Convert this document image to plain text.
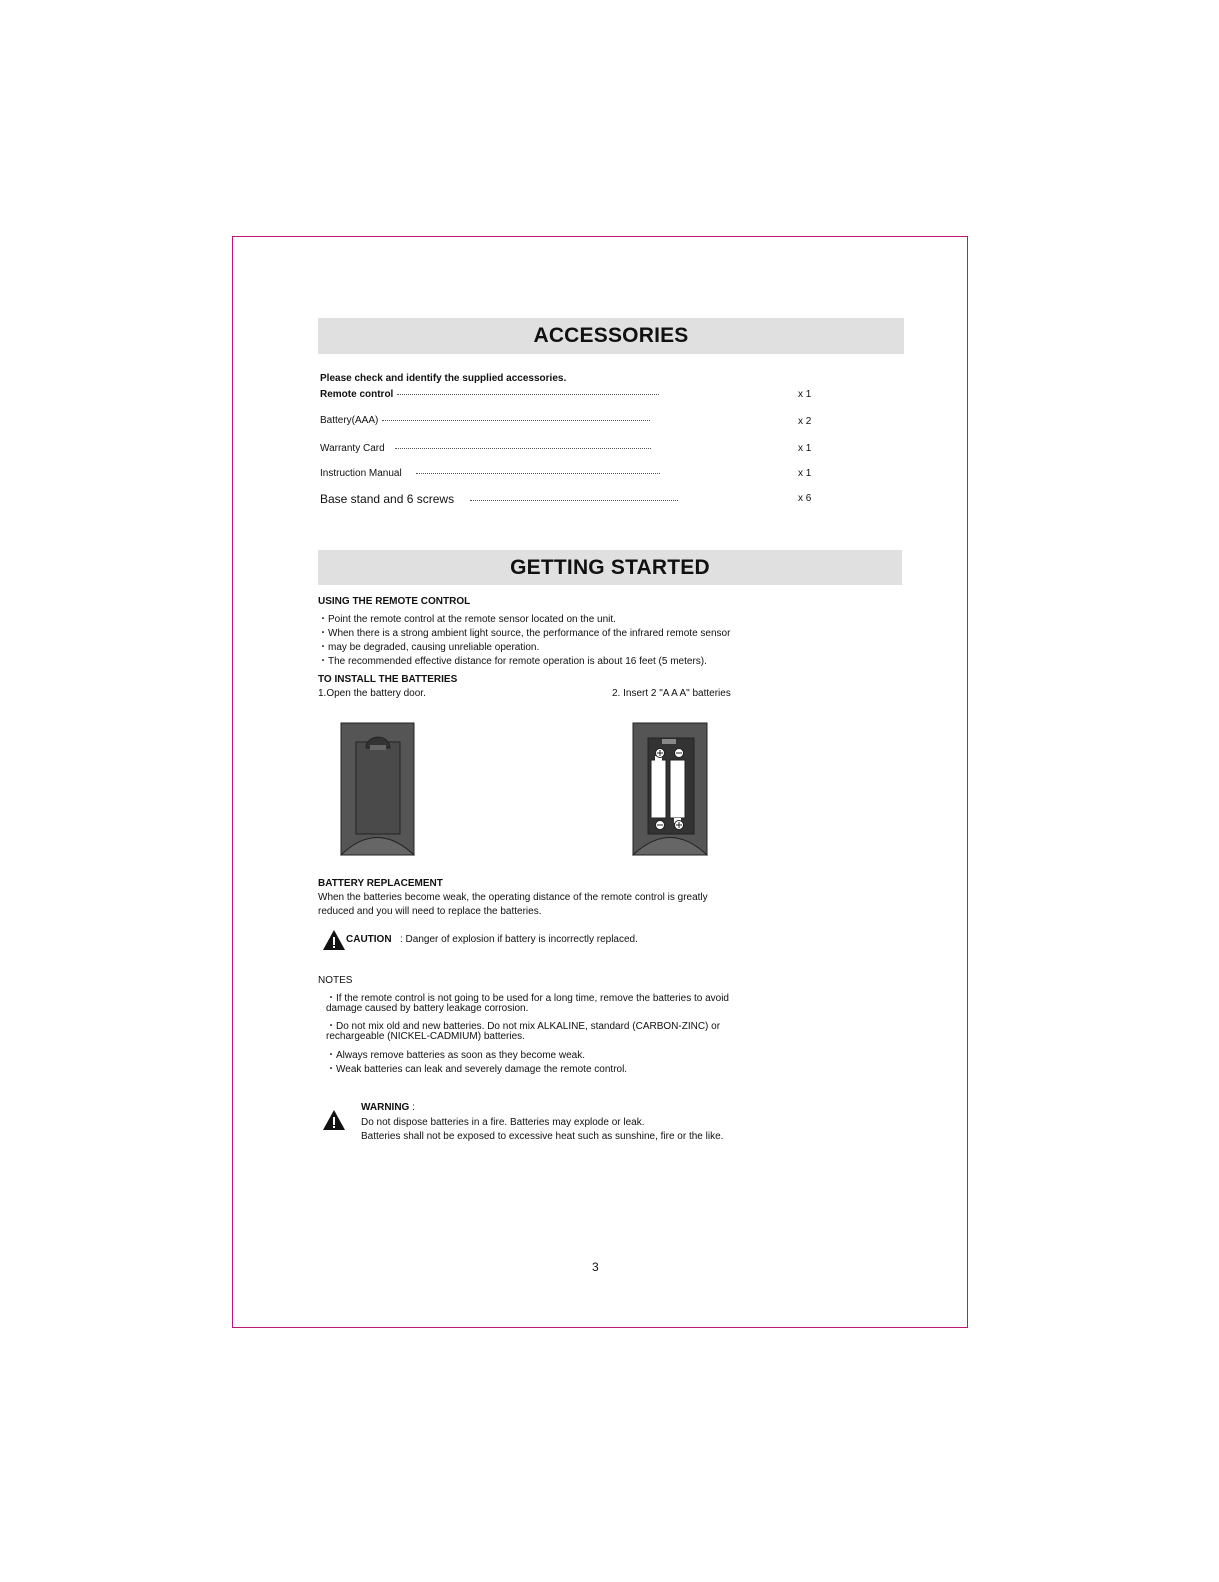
ACCESSORIES
Please check and identify the supplied accessories.
Remote control	x 1
Battery(AAA)	x 2
Warranty Card	x 1
Instruction Manual	x 1
Base stand and 6 screws	x 6
GETTING STARTED
USING THE REMOTE CONTROL
・Point the remote control at the remote sensor located on the unit.
・When there is a strong ambient light source, the performance of the infrared remote sensor
・may be degraded, causing unreliable operation.
・The recommended effective distance for remote operation is about 16 feet (5 meters).
TO INSTALL THE BATTERIES
1.Open the battery door.	2. Insert 2 "A A A" batteries
BATTERY REPLACEMENT
When the batteries become weak, the operating distance of the remote control is greatly
reduced and you will need to replace the batteries.
CAUTION : Danger of explosion if battery is incorrectly replaced.
NOTES
・If the remote control is not going to be used for a long time, remove the batteries to avoid
damage caused by battery leakage corrosion.
・Do not mix old and new batteries. Do not mix ALKALINE, standard (CARBON-ZINC) or
rechargeable (NICKEL-CADMIUM) batteries.
・Always remove batteries as soon as they become weak.
・Weak batteries can leak and severely damage the remote control.
WARNING :
Do not dispose batteries in a fire. Batteries may explode or leak.
Batteries shall not be exposed to excessive heat such as sunshine, fire or the like.
3
